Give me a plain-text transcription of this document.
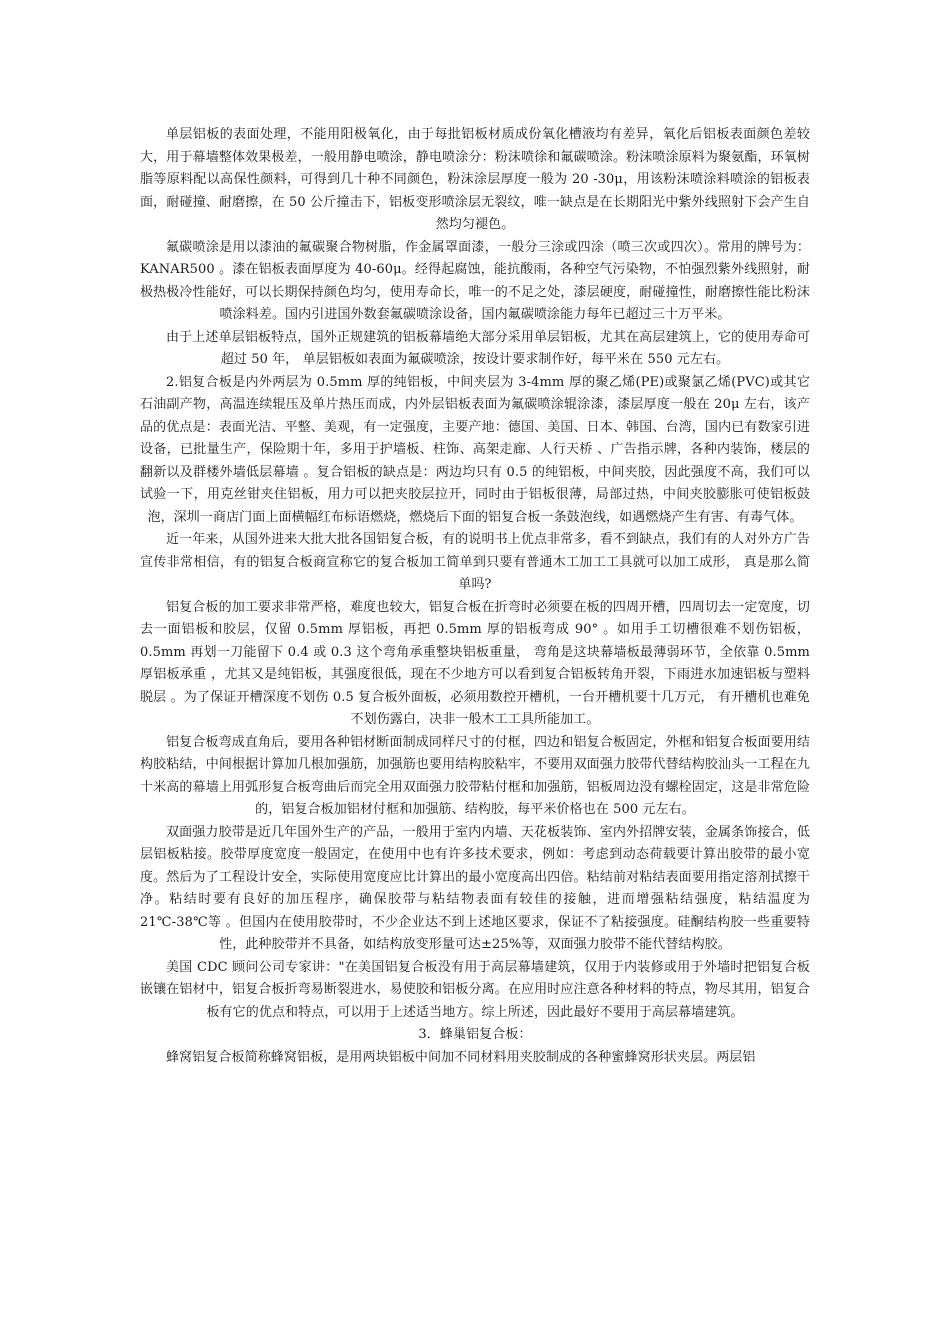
单层铝板的表面处理，不能用阳极氧化，由于每批铝板材质成份氧化槽液均有差异，氧化后铝板表面颜色差较大，用于幕墙整体效果极差，一般用静电喷涂，静电喷涂分：粉沫喷徐和氟碳喷涂。粉沫喷涂原料为聚氨酯，环氧树脂等原料配以高保性颜料，可得到几十种不同颜色，粉沫涂层厚度一般为 20 -30μ，用该粉沫喷涂料喷涂的铝板表面，耐碰撞、耐磨擦，在 50 公斤撞击下，铝板变形喷涂层无裂纹，唯一缺点是在长期阳光中紫外线照射下会产生自然均匀褪色。

氟碳喷涂是用以漆油的氟碳聚合物树脂，作金属罩面漆，一般分三涂或四涂（喷三次或四次）。常用的牌号为：KANAR500 。漆在铝板表面厚度为 40-60μ。经得起腐蚀，能抗酸雨，各种空气污染物，不怕强烈紫外线照射，耐极热极冷性能好，可以长期保持颜色均匀，使用寿命长，唯一的不足之处，漆层硬度，耐碰撞性，耐磨擦性能比粉沫喷涂料差。国内引进国外数套氟碳喷涂设备，国内氟碳喷涂能力每年已超过三十万平米。

由于上述单层铝板特点，国外正规建筑的铝板幕墙绝大部分采用单层铝板，尤其在高层建筑上，它的使用寿命可超过 50 年， 单层铝板如表面为氟碳喷涂，按设计要求制作好，每平米在 550 元左右。

2.铝复合板是内外两层为 0.5mm 厚的纯铝板，中间夹层为 3-4mm 厚的聚乙烯(PE)或聚氯乙烯(PVC)或其它石油副产物，高温连续辊压及单片热压而成，内外层铝板表面为氟碳喷涂辊涂漆，漆层厚度一般在 20μ 左右，该产品的优点是：表面光洁、平整、美观，有一定强度，主要产地：德国、美国、日本、韩国、台湾，国内已有数家引进设备，已批量生产，保险期十年，多用于护墙板、柱饰、高架走廊、人行天桥 、广告指示牌，各种内装饰，楼层的翻新以及群楼外墙低层幕墙 。复合铝板的缺点是：两边均只有 0.5 的纯铝板，中间夹胶，因此强度不高，我们可以试验一下，用克丝钳夹住铝板，用力可以把夹胶层拉开，同时由于铝板很薄，局部过热，中间夹胶膨胀可使铝板鼓泡，深圳一商店门面上面横幅红布标语燃烧，燃烧后下面的铝复合板一条鼓泡线，如遇燃烧产生有害、有毒气体。

近一年来，从国外进来大批大批各国铝复合板，有的说明书上优点非常多，看不到缺点，我们有的人对外方广告宣传非常相信，有的铝复合板商宣称它的复合板加工简单到只要有普通木工加工工具就可以加工成形， 真是那么简单吗?

铝复合板的加工要求非常严格，难度也较大，铝复合板在折弯时必须要在板的四周开槽，四周切去一定宽度，切去一面铝板和胶层，仅留 0.5mm 厚铝板，再把 0.5mm 厚的铝板弯成 90° 。如用手工切槽很难不划伤铝板，0.5mm 再划一刀能留下 0.4 或 0.3 这个弯角承重整块铝板重量， 弯角是这块幕墙板最薄弱环节，全依靠 0.5mm 厚铝板承重 ，尤其又是纯铝板，其强度很低，现在不少地方可以看到复合铝板转角开裂，下雨进水加速铝板与塑料脱层 。为了保证开槽深度不划伤 0.5 复合板外面板，必须用数控开槽机，一台开槽机要十几万元， 有开槽机也难免不划伤露白，决非一般木工工具所能加工。

铝复合板弯成直角后，要用各种铝材断面制成同样尺寸的付框，四边和铝复合板固定，外框和铝复合板面要用结构胶粘结，中间根据计算加几根加强筋，加强筋也要用结构胶粘牢，不要用双面强力胶带代替结构胶汕头一工程在九十米高的幕墙上用弧形复合板弯曲后而完全用双面强力胶带粘付框和加强筋，铝板周边没有螺栓固定，这是非常危险的，铝复合板加铝材付框和加强筋、结构胶，每平米价格也在 500 元左右。

双面强力胶带是近几年国外生产的产品，一般用于室内内墙、天花板装饰、室内外招牌安装，金属条饰接合，低层铝板粘接。胶带厚度宽度一般固定，在使用中也有许多技术要求，例如：考虑到动态荷载要计算出胶带的最小宽度。然后为了工程设计安全，实际使用宽度应比计算出的最小宽度高出四倍。粘结前对粘结表面要用指定溶剂拭擦干净。粘结时要有良好的加压程序，确保胶带与粘结物表面有较佳的接触，进而增强粘结强度，粘结温度为 21℃-38℃等 。但国内在使用胶带时，不少企业达不到上述地区要求，保证不了粘接强度。硅酮结构胶一些重要特性，此种胶带并不具备，如结构放变形量可达±25%等，双面强力胶带不能代替结构胶。

美国 CDC 顾问公司专家讲："在美国铝复合板没有用于高层幕墙建筑，仅用于内装修或用于外墙时把铝复合板嵌镶在铝材中，铝复合板折弯易断裂进水，易使胶和铝板分离。在应用时应注意各种材料的特点，物尽其用，铝复合板有它的优点和特点，可以用于上述适当地方。综上所述，因此最好不要用于高层幕墙建筑。

3．蜂巢铝复合板：

蜂窝铝复合板简称蜂窝铝板，是用两块铝板中间加不同材料用夹胶制成的各种蜜蜂窝形状夹层。两层铝
